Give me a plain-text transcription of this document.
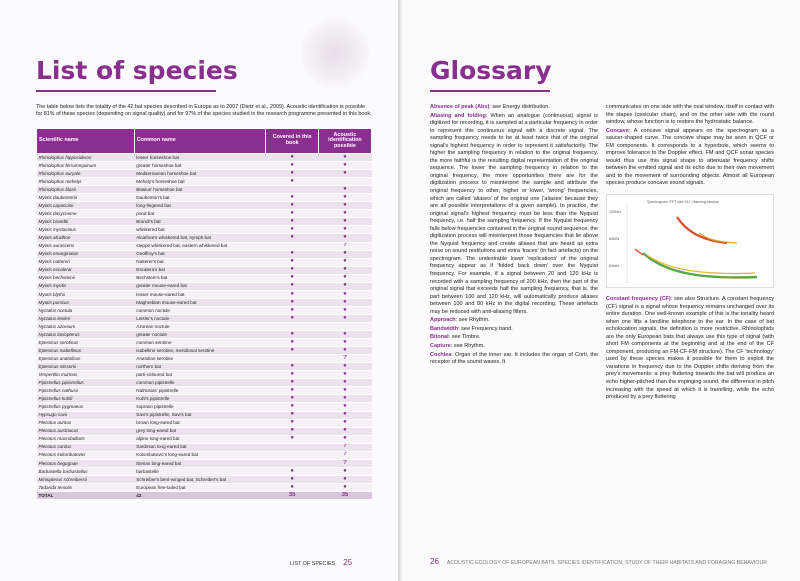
List of species

The table below lists the totality of the 42 bat species described in Europe as to 2007 (Dietz et al., 2009). Acoustic identification is possible for 81% of these species (depending on signal quality) and for 97% of the species studied in the research programme presented in this book.

Scientific name	Common name	Covered in this book	Acoustic identification possible
Rhinolophus hipposideros	lesser horseshoe bat	●	●
Rhinolophus ferrumequinum	greater horseshoe bat	●	●
Rhinolophus euryale	Mediterranean horseshoe bat	●	●
Rhinolophus mehelyi	Mehely's horseshoe bat	●	
Rhinolophus blasii	Blasius' horseshoe bat		●
Myotis daubentonii	Daubenton's bat	●	●
Myotis capaccinii	long-fingered bat	●	●
Myotis dasycneme	pond bat	●	●
Myotis brandtii	Brandt's bat	●	●
Myotis mystacinus	whiskered bat	●	●
Myotis alcathoe	Alcathoe's whiskered bat, nymph bat	●	●
Myotis aurascens	steppe whiskered bat, eastern whiskered bat		?
Myotis emarginatus	Geoffroy's bat	●	●
Myotis nattereri	Natterer's bat	●	●
Myotis escalerai	Escalera's bat	●	●
Myotis bechsteinii	Bechstein's bat	●	●
Myotis myotis	greater mouse-eared bat	●	●
Myotis blythii	lesser mouse-eared bat	●	●
Myotis punicus	Maghrebian mouse-eared bat	●	●
Nyctalus noctula	common noctule	●	●
Nyctalus leisleri	Leisler's noctule	●	●
Nyctalus azoreum	Azorean noctule		
Nyctalus lasiopterus	greater noctule	●	●
Eptesicus serotinus	common serotine	●	●
Eptesicus isabellinus	isabelline serotine, meridional serotine	●	●
Eptesicus anatolicus	Anatolian serotine		?
Eptesicus nilssonii	northern bat	●	●
Vespertilio murinus	parti-coloured bat	●	●
Pipistrellus pipistrellus	common pipistrelle	●	●
Pipistrellus nathusii	Nathusius' pipistrelle	●	●
Pipistrellus kuhlii	Kuhl's pipistrelle	●	●
Pipistrellus pygmaeus	soprano pipistrelle	●	●
Hypsugo savii	Savi's pipistrelle, Savi's bat	●	●
Plecotus auritus	brown long-eared bat	●	●
Plecotus austriacus	grey long-eared bat	●	●
Plecotus macrobullaris	alpine long-eared bat	●	●
Plecotus sardus	Sardinian long-eared bat		?
Plecotus kolombatovici	Kolombatovic's long-eared bat		?
Plecotus begognae	Iberian long-eared bat		?
Barbastella barbastellus	barbastelle	●	●
Miniopterus schreibersii	Schreiber's bent-winged bat, Schreiber's bat	●	●
Tadarida teniotis	European free-tailed bat	●	●
TOTAL	42	35	35
LIST OF SPECIES 25
Glossary

Absence of peak (Abs): see Energy distribution.

Aliasing and folding: When an analogue (continuous) signal is digitized for recording, it is sampled at a particular frequency in order to represent this continuous signal with a discrete signal. The sampling frequency needs to be at least twice that of the original signal's highest frequency in order to represent it satisfactorily. The higher the sampling frequency in relation to the original frequency, the more faithful is the resulting digital representation of the original sequence. The lower the sampling frequency in relation to the original frequency, the more opportunities there are for the digitization process to misinterpret the sample and attribute the original frequency to other, higher or lower, 'wrong' frequencies, which are called 'aliases' of the original one ('aliases' because they are all possible interpretations of a given sample). In practice, the original signal's highest frequency must be less than the Nyquist frequency, i.e. half the sampling frequency. If the Nyquist frequency falls below frequencies contained in the original sound sequence, the digitization process will misinterpret those frequencies that lie above the Nyquist frequency and create aliases that are heard as extra noise on sound restitutions and extra 'traces' (in fact artefacts) on the spectrogram. The undesirable lower 'replications' of the original frequency appear as if 'folded back down' over the Nyquist frequency. For example, if a signal between 20 and 120 kHz is recorded with a sampling frequency of 200 kHz, then the part of the original signal that exceeds half the sampling frequency, that is, the part between 100 and 120 kHz, will automatically produce aliases between 100 and 80 kHz in the digital recording. These artefacts may be reduced with anti-aliasing filters.

Approach: see Rhythm.

Bandwidth: see Frequency band.

Bitonal: see Timbre.

Capture: see Rhythm.

Cochlea: Organ of the inner ear. It includes the organ of Corti, the receptor of the sound waves. It

communicates on one side with the oval window, itself in contact with the stapes (ossicular chain), and on the other side with the round window, whose function is to restore the hydrostatic balance.

Concave: A concave signal appears on the spectrogram as a saucer-shaped curve. The concave shape may be seen in QCF or FM components. It corresponds to a hyperbole, which seems to improve tolerance to the Doppler effect. FM and QCF sonar species would thus use this signal shape to attenuate frequency shifts between the emitted signal and its echo due to their own movement and to the movement of surrounding objects. Almost all European species produce concave sound signals.

Spectrogram, FFT size 512, Hanning window
100kHz
80kHz
60kHz

Constant frequency (CF): see also Structure. A constant frequency (CF) signal is a signal whose frequency remains unchanged over its entire duration. One well-known example of this is the tonality heard when one lifts a landline telephone to the ear. In the case of bat echolocation signals, the definition is more restrictive. Rhinolophids are the only European bats that always use this type of signal (with short FM components at the beginning and at the end of the CF component, producing an FM-CF-FM structure). The CF 'technology' used by these species makes it possible for them to exploit the variations in frequency due to the Doppler shifts deriving from the prey's movements: a prey fluttering towards the bat will produce an echo higher-pitched than the impinging sound, the difference in pitch increasing with the speed at which it is travelling, while the echo produced by a prey fluttering

26 ACOUSTIC ECOLOGY OF EUROPEAN BATS. SPECIES IDENTIFICATION, STUDY OF THEIR HABITATS AND FORAGING BEHAVIOUR
